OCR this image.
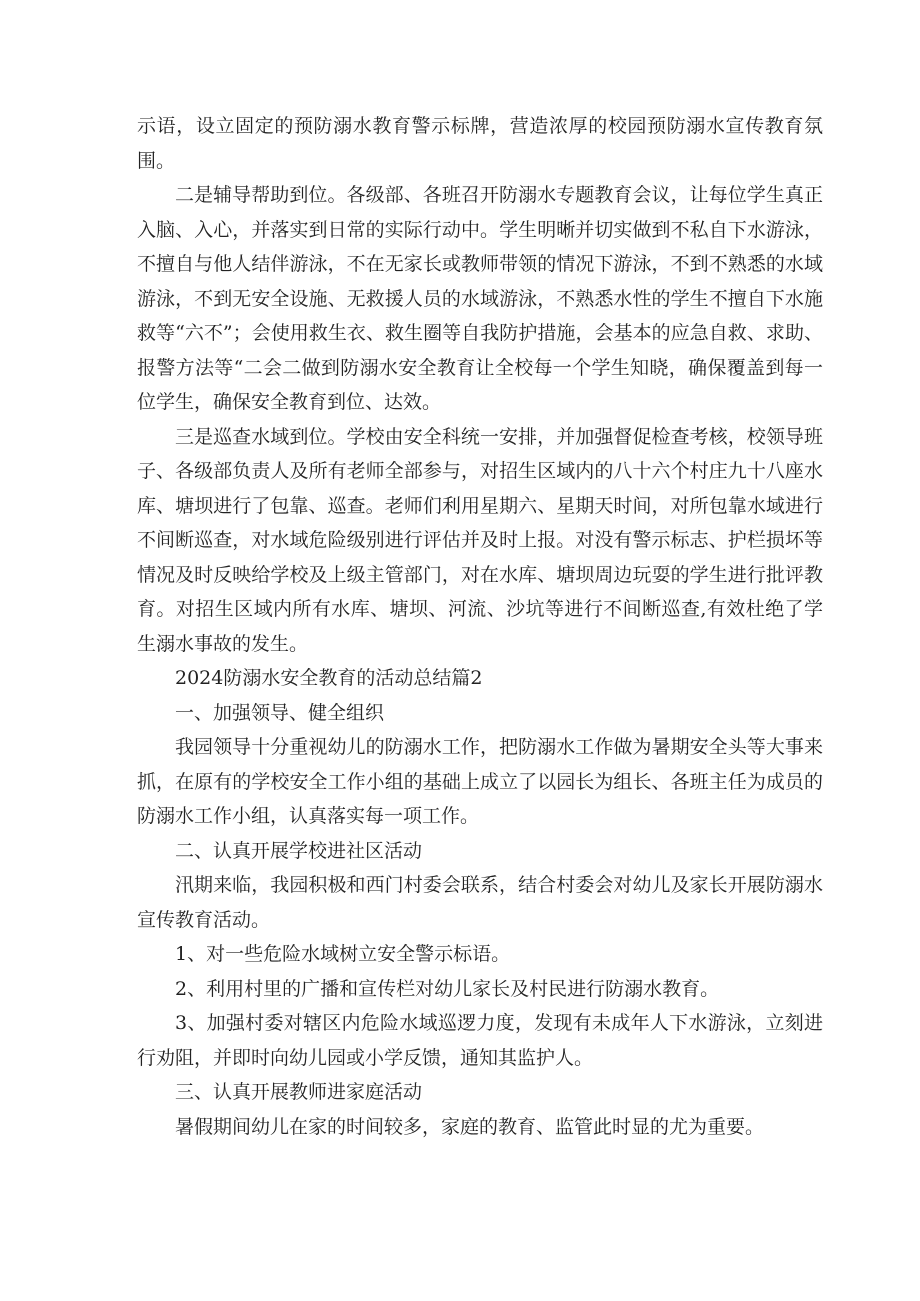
示语，设立固定的预防溺水教育警示标牌，营造浓厚的校园预防溺水宣传教育氛围。

二是辅导帮助到位。各级部、各班召开防溺水专题教育会议，让每位学生真正入脑、入心，并落实到日常的实际行动中。学生明晰并切实做到不私自下水游泳，不擅自与他人结伴游泳，不在无家长或教师带领的情况下游泳，不到不熟悉的水域游泳，不到无安全设施、无救援人员的水域游泳，不熟悉水性的学生不擅自下水施救等“六不”；会使用救生衣、救生圈等自我防护措施，会基本的应急自救、求助、报警方法等“二会二做到防溺水安全教育让全校每一个学生知晓，确保覆盖到每一位学生，确保安全教育到位、达效。

三是巡查水域到位。学校由安全科统一安排，并加强督促检查考核，校领导班子、各级部负责人及所有老师全部参与，对招生区域内的八十六个村庄九十八座水库、塘坝进行了包靠、巡查。老师们利用星期六、星期天时间，对所包靠水域进行不间断巡查，对水域危险级别进行评估并及时上报。对没有警示标志、护栏损坏等情况及时反映给学校及上级主管部门，对在水库、塘坝周边玩耍的学生进行批评教育。对招生区域内所有水库、塘坝、河流、沙坑等进行不间断巡查,有效杜绝了学生溺水事故的发生。

2024防溺水安全教育的活动总结篇2

一、加强领导、健全组织

我园领导十分重视幼儿的防溺水工作，把防溺水工作做为暑期安全头等大事来抓，在原有的学校安全工作小组的基础上成立了以园长为组长、各班主任为成员的防溺水工作小组，认真落实每一项工作。

二、认真开展学校进社区活动

汛期来临，我园积极和西门村委会联系，结合村委会对幼儿及家长开展防溺水宣传教育活动。

1、对一些危险水域树立安全警示标语。

2、利用村里的广播和宣传栏对幼儿家长及村民进行防溺水教育。

3、加强村委对辖区内危险水域巡逻力度，发现有未成年人下水游泳，立刻进行劝阻，并即时向幼儿园或小学反馈，通知其监护人。

三、认真开展教师进家庭活动

暑假期间幼儿在家的时间较多，家庭的教育、监管此时显的尤为重要。
